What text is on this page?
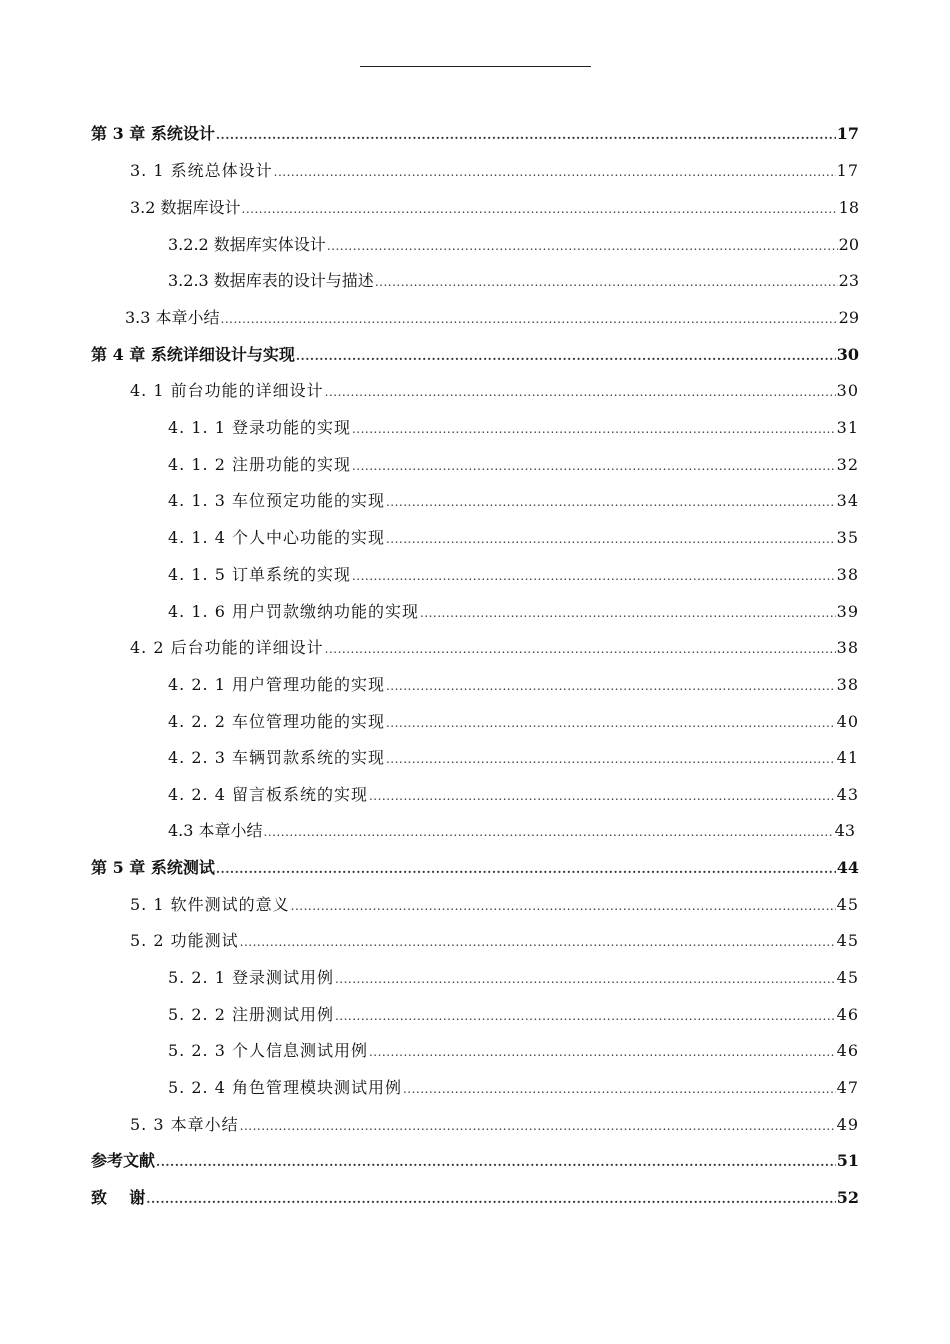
第 3 章 系统设计 .....	17
3. 1 系统总体设计 .....	17
3.2 数据库设计 .....	18
3.2.2 数据库实体设计 .....	20
3.2.3 数据库表的设计与描述 .....	23
3.3 本章小结 .....	29
第 4 章 系统详细设计与实现 .....	30
4. 1 前台功能的详细设计 .....	30
4. 1. 1 登录功能的实现 .....	31
4. 1. 2 注册功能的实现 .....	32
4. 1. 3 车位预定功能的实现 .....	34
4. 1. 4 个人中心功能的实现 .....	35
4. 1. 5 订单系统的实现 .....	38
4. 1. 6 用户罚款缴纳功能的实现 .....	39
4. 2 后台功能的详细设计 .....	38
4. 2. 1 用户管理功能的实现 .....	38
4. 2. 2 车位管理功能的实现 .....	40
4. 2. 3 车辆罚款系统的实现 .....	41
4. 2. 4 留言板系统的实现 .....	43
4.3 本章小结 .....	43
第 5 章 系统测试 .....	44
5. 1 软件测试的意义 .....	45
5. 2 功能测试 .....	45
5. 2. 1 登录测试用例 .....	45
5. 2. 2 注册测试用例 .....	46
5. 2. 3 个人信息测试用例 .....	46
5. 2. 4 角色管理模块测试用例 .....	47
5. 3 本章小结 .....	49
参考文献 .....	51
致    谢 .....	52
